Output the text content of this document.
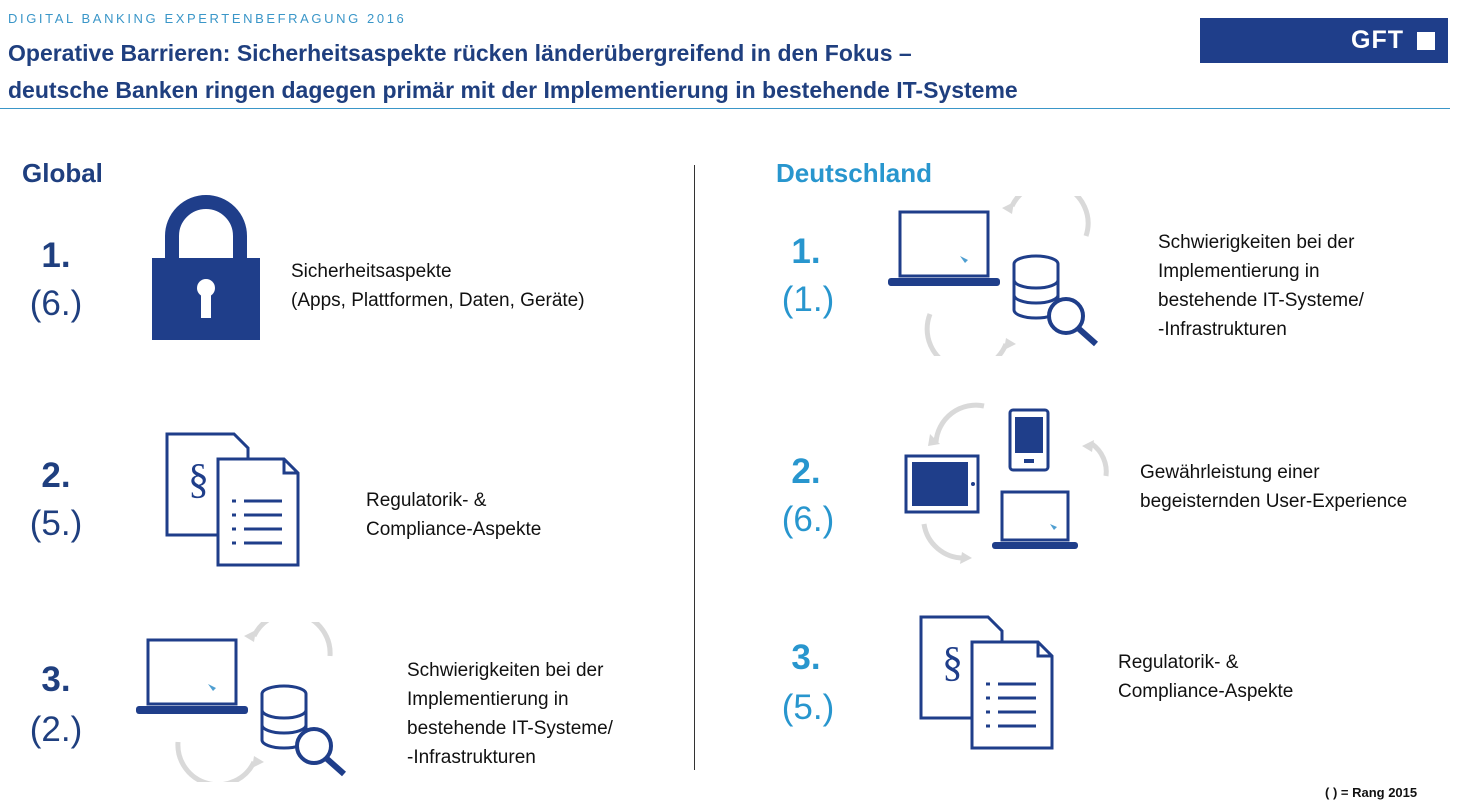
DIGITAL BANKING EXPERTENBEFRAGUNG 2016
Operative Barrieren: Sicherheitsaspekte rücken länderübergreifend in den Fokus –
deutsche Banken ringen dagegen primär mit der Implementierung in bestehende IT-Systeme
GFT
Global
1.
(6.)
Sicherheitsaspekte
(Apps, Plattformen, Daten, Geräte)
2.
(5.)
§	Regulatorik- &
Compliance-Aspekte
3.
(2.)
Schwierigkeiten bei der
Implementierung in
bestehende IT-Systeme/
-Infrastrukturen
Deutschland
1.
(1.)
Schwierigkeiten bei der
Implementierung in
bestehende IT-Systeme/
-Infrastrukturen
2.
(6.)
Gewährleistung einer
begeisternden User-Experience
3.
(5.)
§	Regulatorik- &
Compliance-Aspekte
( ) = Rang 2015
